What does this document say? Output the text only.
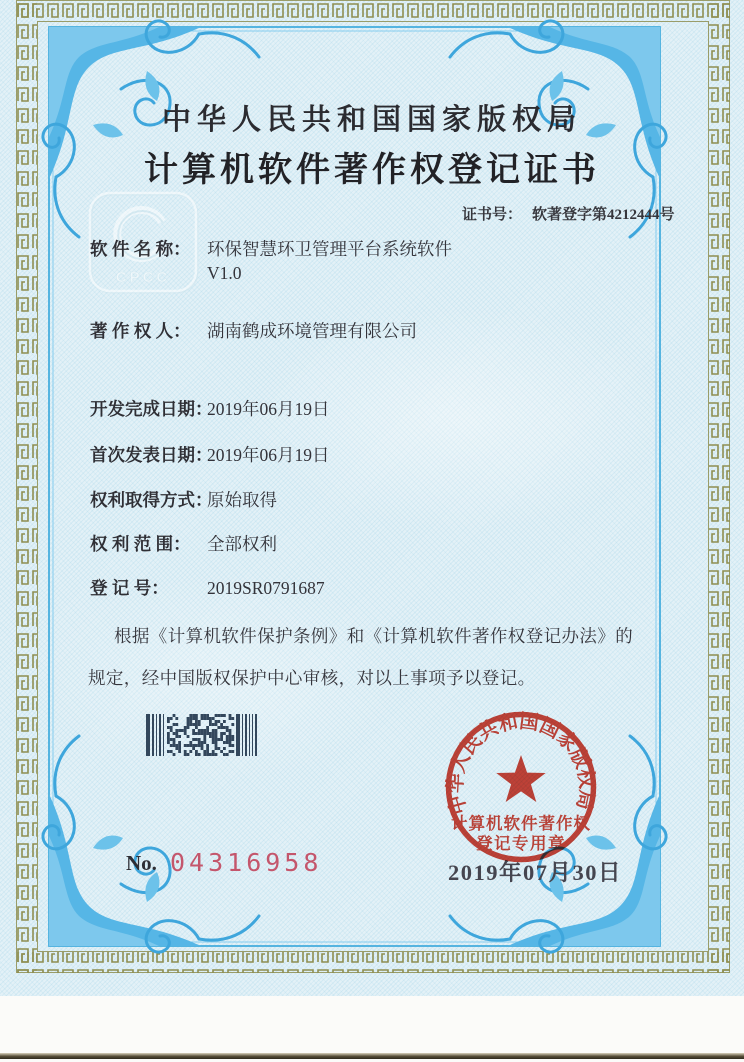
CPCC
中华人民共和国国家版权局
计算机软件著作权登记证书
证书号： 软著登字第4212444号
软 件 名 称： 环保智慧环卫管理平台系统软件
V1.0
著 作 权 人： 湖南鹤成环境管理有限公司
开发完成日期：2019年06月19日
首次发表日期：2019年06月19日
权利取得方式：原始取得
权 利 范 围： 全部权利
登 记 号： 2019SR0791687
根据《计算机软件保护条例》和《计算机软件著作权登记办法》的
规定，经中国版权保护中心审核，对以上事项予以登记。
No. 04316958	2019年07月30日
中华人民共和国国家版权局
计算机软件著作权
登记专用章
